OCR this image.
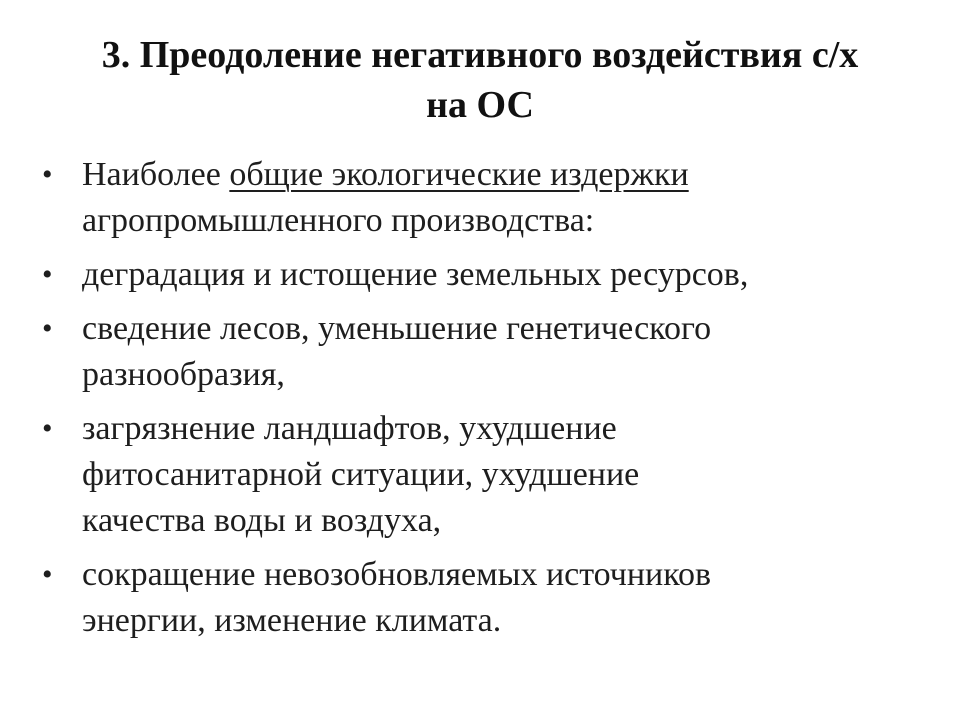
3. Преодоление негативного воздействия с/х
на ОС
• Наиболее общие экологические издержки
агропромышленного производства:
• деградация и истощение земельных ресурсов,
• сведение лесов, уменьшение генетического
разнообразия,
• загрязнение ландшафтов, ухудшение
фитосанитарной ситуации, ухудшение
качества воды и воздуха,
• сокращение невозобновляемых источников
энергии, изменение климата.
